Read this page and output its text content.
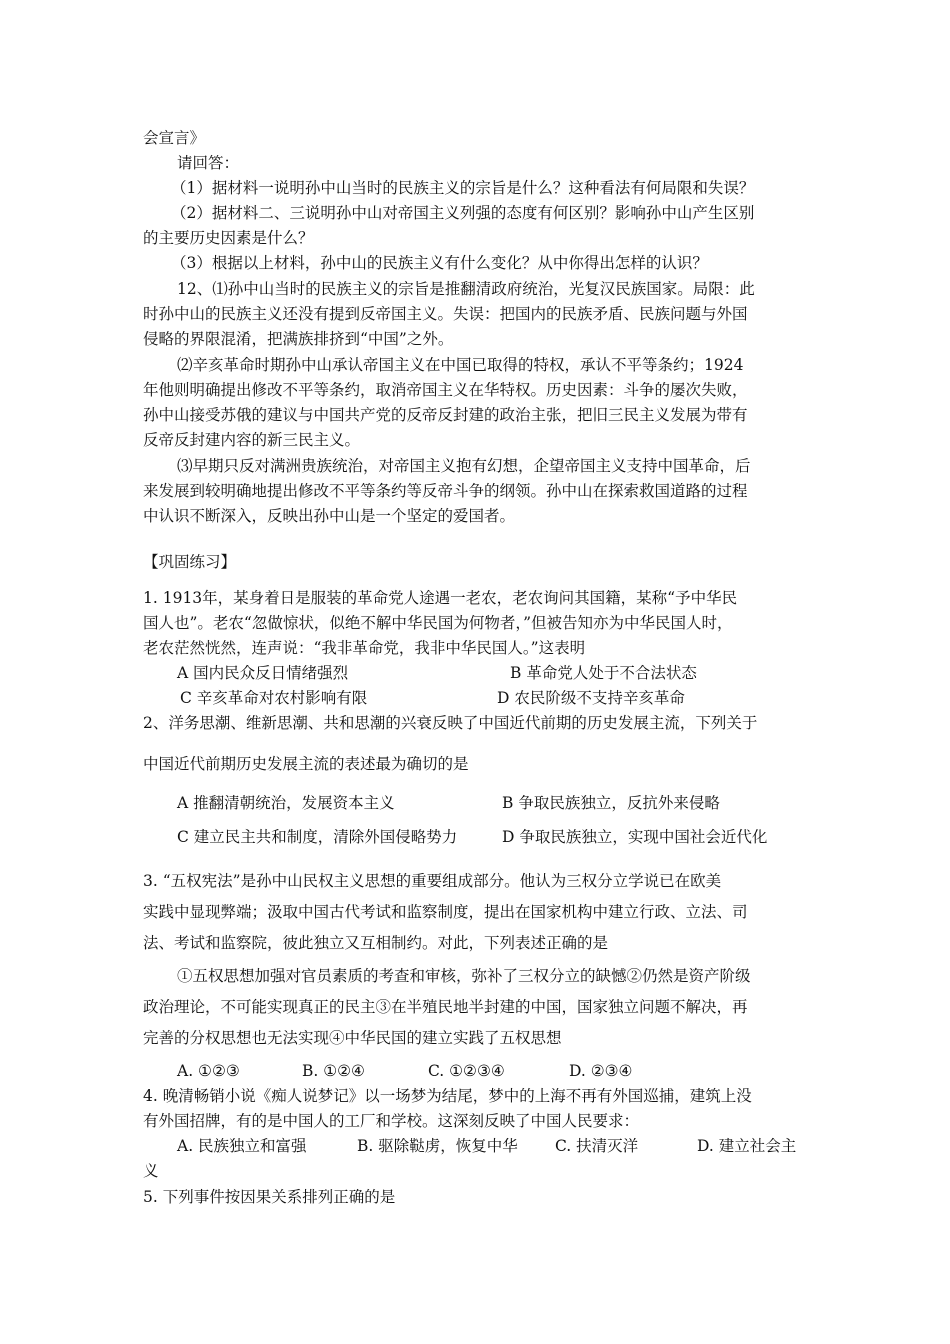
会宣言》
请回答：
（1）据材料一说明孙中山当时的民族主义的宗旨是什么？这种看法有何局限和失误？
（2）据材料二、三说明孙中山对帝国主义列强的态度有何区别？影响孙中山产生区别
的主要历史因素是什么？
（3）根据以上材料，孙中山的民族主义有什么变化？从中你得出怎样的认识？
12、⑴孙中山当时的民族主义的宗旨是推翻清政府统治，光复汉民族国家。局限：此
时孙中山的民族主义还没有提到反帝国主义。失误：把国内的民族矛盾、民族问题与外国
侵略的界限混淆，把满族排挤到“中国”之外。
⑵辛亥革命时期孙中山承认帝国主义在中国已取得的特权，承认不平等条约；1924
年他则明确提出修改不平等条约，取消帝国主义在华特权。历史因素：斗争的屡次失败，
孙中山接受苏俄的建议与中国共产党的反帝反封建的政治主张，把旧三民主义发展为带有
反帝反封建内容的新三民主义。
⑶早期只反对满洲贵族统治，对帝国主义抱有幻想，企望帝国主义支持中国革命，后
来发展到较明确地提出修改不平等条约等反帝斗争的纲领。孙中山在探索救国道路的过程
中认识不断深入，反映出孙中山是一个坚定的爱国者。
【巩固练习】
1. 1913年，某身着日是服装的革命党人途遇一老农，老农询问其国籍，某称“予中华民
国人也”。老农“忽做惊状，似绝不解中华民国为何物者，”但被告知亦为中华民国人时，
老农茫然恍然，连声说：“我非革命党，我非中华民国人。”这表明
A 国内民众反日情绪强烈	B 革命党人处于不合法状态
C 辛亥革命对农村影响有限	D 农民阶级不支持辛亥革命
2、洋务思潮、维新思潮、共和思潮的兴衰反映了中国近代前期的历史发展主流，下列关于
中国近代前期历史发展主流的表述最为确切的是
A 推翻清朝统治，发展资本主义	B 争取民族独立，反抗外来侵略
C 建立民主共和制度，清除外国侵略势力	D 争取民族独立，实现中国社会近代化
3. “五权宪法”是孙中山民权主义思想的重要组成部分。他认为三权分立学说已在欧美
实践中显现弊端；汲取中国古代考试和监察制度，提出在国家机构中建立行政、立法、司
法、考试和监察院，彼此独立又互相制约。对此，下列表述正确的是
①五权思想加强对官员素质的考查和审核，弥补了三权分立的缺憾②仍然是资产阶级
政治理论，不可能实现真正的民主③在半殖民地半封建的中国，国家独立问题不解决，再
完善的分权思想也无法实现④中华民国的建立实践了五权思想
A. ①②③	B. ①②④	C. ①②③④	D. ②③④
4. 晚清畅销小说《痴人说梦记》以一场梦为结尾，梦中的上海不再有外国巡捕，建筑上没
有外国招牌，有的是中国人的工厂和学校。这深刻反映了中国人民要求：
A. 民族独立和富强	B. 驱除鞑虏，恢复中华 C. 扶清灭洋	D. 建立社会主
义
5. 下列事件按因果关系排列正确的是
